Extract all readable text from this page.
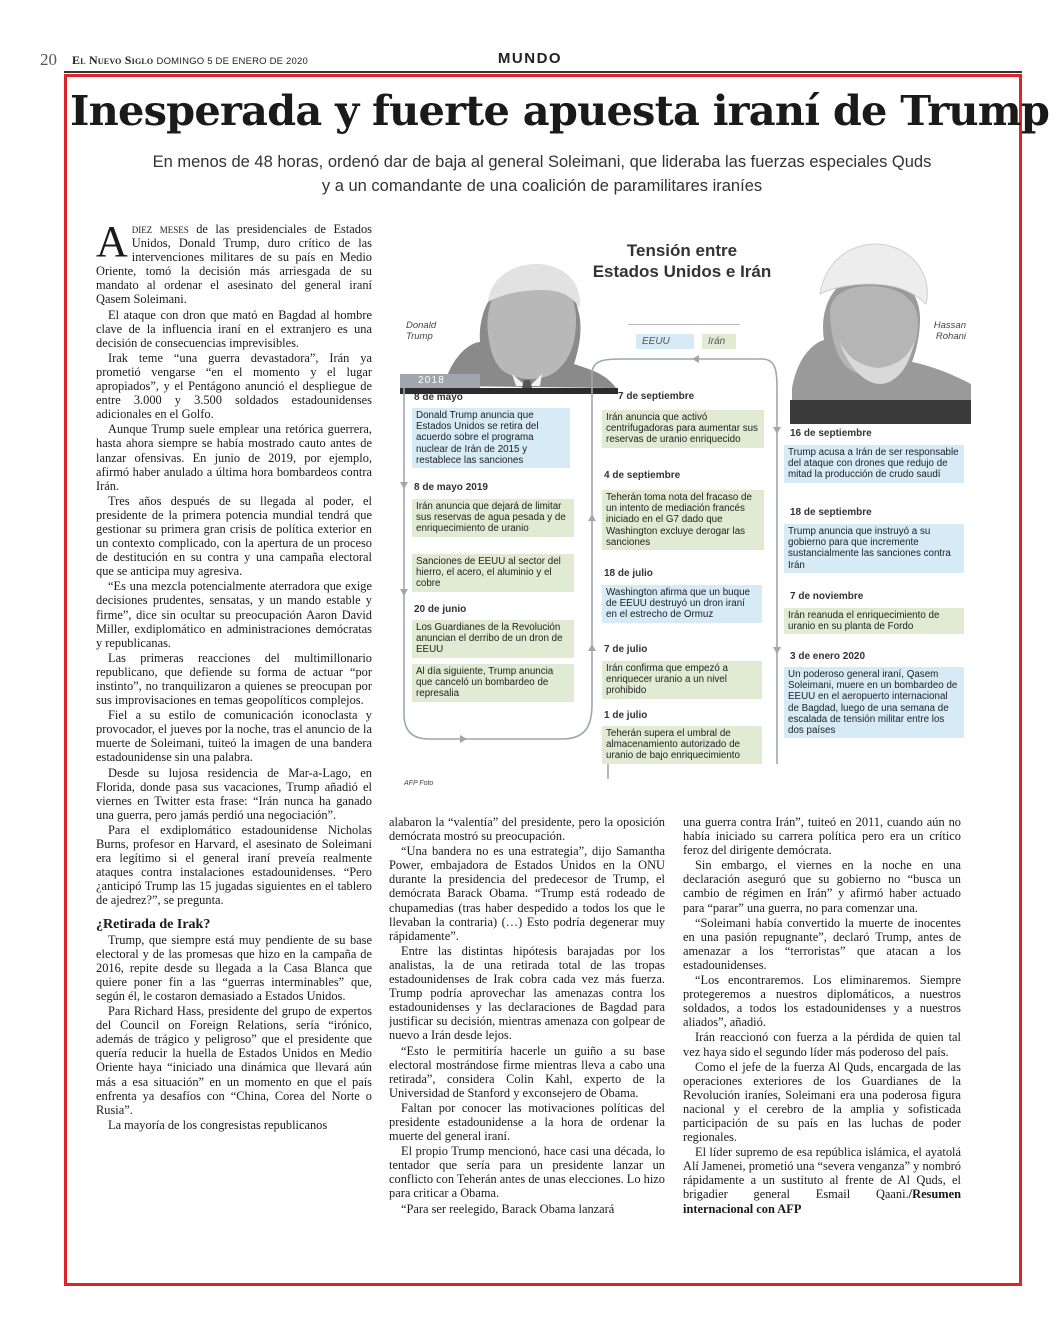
20 El Nuevo Siglo DOMINGO 5 DE ENERO DE 2020	MUNDO
Inesperada y fuerte apuesta iraní de Trump
En menos de 48 horas, ordenó dar de baja al general Soleimani, que lideraba las fuerzas especiales Quds y a un comandante de una coalición de paramilitares iraníes

Adiez meses de las presidenciales de Estados Unidos, Donald Trump, duro crítico de las intervenciones militares de su país en Medio Oriente, tomó la decisión más arriesgada de su mandato al ordenar el asesinato del general iraní Qasem Soleimani.

El ataque con dron que mató en Bagdad al hombre clave de la influencia iraní en el extranjero es una decisión de consecuencias imprevisibles.

Irak teme “una guerra devastadora”, Irán ya prometió vengarse “en el momento y el lugar apropiados”, y el Pentágono anunció el despliegue de entre 3.000 y 3.500 soldados estadounidenses adicionales en el Golfo.

Aunque Trump suele emplear una retórica guerrera, hasta ahora siempre se había mostrado cauto antes de lanzar ofensivas. En junio de 2019, por ejemplo, afirmó haber anulado a última hora bombardeos contra Irán.

Tres años después de su llegada al poder, el presidente de la primera potencia mundial tendrá que gestionar su primera gran crisis de política exterior en un contexto complicado, con la apertura de un proceso de destitución en su contra y una campaña electoral que se anticipa muy agresiva.

“Es una mezcla potencialmente aterradora que exige decisiones prudentes, sensatas, y un mando estable y firme”, dice sin ocultar su preocupación Aaron David Miller, exdiplomático en administraciones demócratas y republicanas.

Las primeras reacciones del multimillonario republicano, que defiende su forma de actuar “por instinto”, no tranquilizaron a quienes se preocupan por sus improvisaciones en temas geopolíticos complejos.

Fiel a su estilo de comunicación iconoclasta y provocador, el jueves por la noche, tras el anuncio de la muerte de Soleimani, tuiteó la imagen de una bandera estadounidense sin una palabra.

Desde su lujosa residencia de Mar-a-Lago, en Florida, donde pasa sus vacaciones, Trump añadió el viernes en Twitter esta frase: “Irán nunca ha ganado una guerra, pero jamás perdió una negociación”.

Para el exdiplomático estadounidense Nicholas Burns, profesor en Harvard, el asesinato de Soleimani era legítimo si el general iraní preveía realmente ataques contra instalaciones estadounidenses. “Pero ¿anticipó Trump las 15 jugadas siguientes en el tablero de ajedrez?”, se pregunta.

¿Retirada de Irak?

Trump, que siempre está muy pendiente de su base electoral y de las promesas que hizo en la campaña de 2016, repite desde su llegada a la Casa Blanca que quiere poner fin a las “guerras interminables” que, según él, le costaron demasiado a Estados Unidos.

Para Richard Hass, presidente del grupo de expertos del Council on Foreign Relations, sería “irónico, además de trágico y peligroso” que el presidente que quería reducir la huella de Estados Unidos en Medio Oriente haya “iniciado una dinámica que llevará aún más a esa situación” en un momento en que el país enfrenta ya desafíos con “China, Corea del Norte o Rusia”.

La mayoría de los congresistas republicanos

Tensión entre Estados Unidos e Irán
EEUU	Irán
Donald Trump
Hassan Rohani
2018
8 de mayo
Donald Trump anuncia que Estados Unidos se retira del acuerdo sobre el programa nuclear de Irán de 2015 y restablece las sanciones
8 de mayo 2019
Irán anuncia que dejará de limitar sus reservas de agua pesada y de enriquecimiento de uranio
Sanciones de EEUU al sector del hierro, el acero, el aluminio y el cobre
20 de junio
Los Guardianes de la Revolución anuncian el derribo de un dron de EEUU
Al día siguiente, Trump anuncia que canceló un bombardeo de represalia
1 de julio
Teherán supera el umbral de almacenamiento autorizado de uranio de bajo enriquecimiento
7 de julio
Irán confirma que empezó a enriquecer uranio a un nivel prohibido
18 de julio
Washington afirma que un buque de EEUU destruyó un dron iraní en el estrecho de Ormuz
4 de septiembre
Teherán toma nota del fracaso de un intento de mediación francés iniciado en el G7 dado que Washington excluye derogar las sanciones
7 de septiembre
Irán anuncia que activó centrifugadoras para aumentar sus reservas de uranio enriquecido
16 de septiembre
Trump acusa a Irán de ser responsable del ataque con drones que redujo de mitad la producción de crudo saudí
18 de septiembre
Trump anuncia que instruyó a su gobierno para que incremente sustancialmente las sanciones contra Irán
7 de noviembre
Irán reanuda el enriquecimiento de uranio en su planta de Fordo
3 de enero 2020
Un poderoso general iraní, Qasem Soleimani, muere en un bombardeo de EEUU en el aeropuerto internacional de Bagdad, luego de una semana de escalada de tensión militar entre los dos países
AFP Foto

alabaron la “valentía” del presidente, pero la oposición demócrata mostró su preocupación.

“Una bandera no es una estrategia”, dijo Samantha Power, embajadora de Estados Unidos en la ONU durante la presidencia del predecesor de Trump, el demócrata Barack Obama. “Trump está rodeado de chupamedias (tras haber despedido a todos los que le llevaban la contraria) (…) Esto podría degenerar muy rápidamente”.

Entre las distintas hipótesis barajadas por los analistas, la de una retirada total de las tropas estadounidenses de Irak cobra cada vez más fuerza. Trump podría aprovechar las amenazas contra los estadounidenses y las declaraciones de Bagdad para justificar su decisión, mientras amenaza con golpear de nuevo a Irán desde lejos.

“Esto le permitiría hacerle un guiño a su base electoral mostrándose firme mientras lleva a cabo una retirada”, considera Colin Kahl, experto de la Universidad de Stanford y exconsejero de Obama.

Faltan por conocer las motivaciones políticas del presidente estadounidense a la hora de ordenar la muerte del general iraní.

El propio Trump mencionó, hace casi una década, lo tentador que sería para un presidente lanzar un conflicto con Teherán antes de unas elecciones. Lo hizo para criticar a Obama.

“Para ser reelegido, Barack Obama lanzará

una guerra contra Irán”, tuiteó en 2011, cuando aún no había iniciado su carrera política pero era un crítico feroz del dirigente demócrata.

Sin embargo, el viernes en la noche en una declaración aseguró que su gobierno no “busca un cambio de régimen en Irán” y afirmó haber actuado para “parar” una guerra, no para comenzar una.

“Soleimani había convertido la muerte de inocentes en una pasión repugnante”, declaró Trump, antes de amenazar a los “terroristas” que atacan a los estadounidenses.

“Los encontraremos. Los eliminaremos. Siempre protegeremos a nuestros diplomáticos, a nuestros soldados, a todos los estadounidenses y a nuestros aliados”, añadió.

Irán reaccionó con fuerza a la pérdida de quien tal vez haya sido el segundo líder más poderoso del país.

Como el jefe de la fuerza Al Quds, encargada de las operaciones exteriores de los Guardianes de la Revolución iraníes, Soleimani era una poderosa figura nacional y el cerebro de la amplia y sofisticada participación de su país en las luchas de poder regionales.

El líder supremo de esa república islámica, el ayatolá Alí Jamenei, prometió una “severa venganza” y nombró rápidamente a un sustituto al frente de Al Quds, el brigadier general Esmail Qaani./Resumen internacional con AFP
